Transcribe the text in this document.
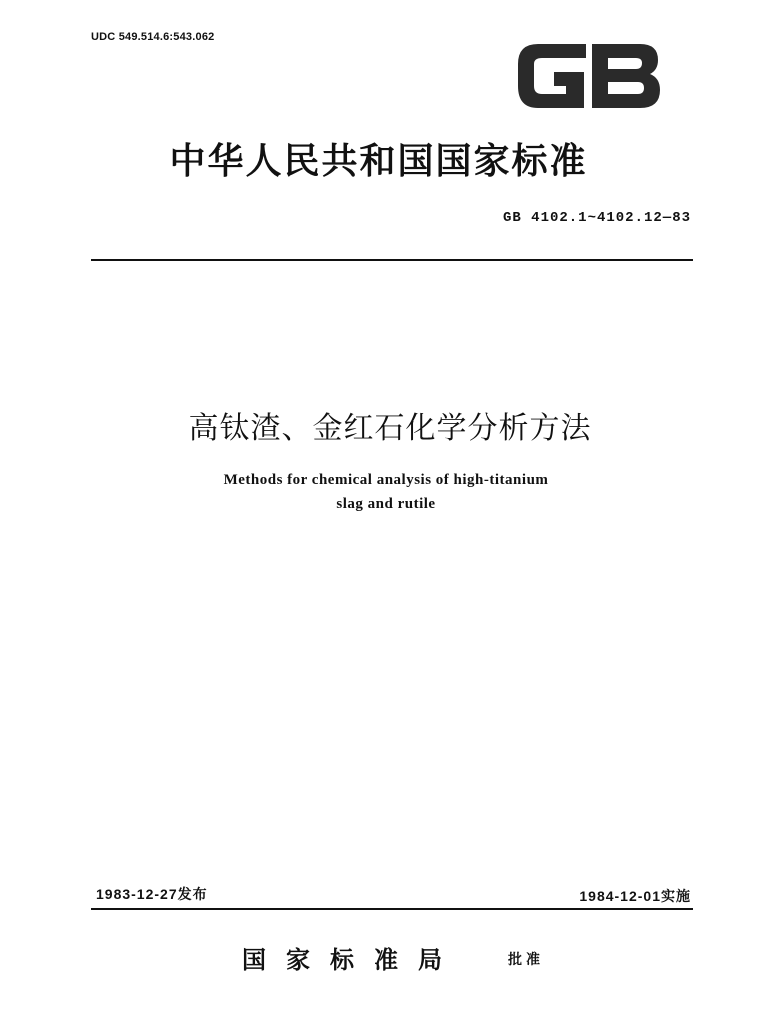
UDC 549.514.6:543.062
中华人民共和国国家标准
GB 4102.1~4102.12—83
高钛渣、金红石化学分析方法
Methods for chemical analysis of high-titanium
slag and rutile
1983-12-27发布	1984-12-01实施
国家标准局	批准
